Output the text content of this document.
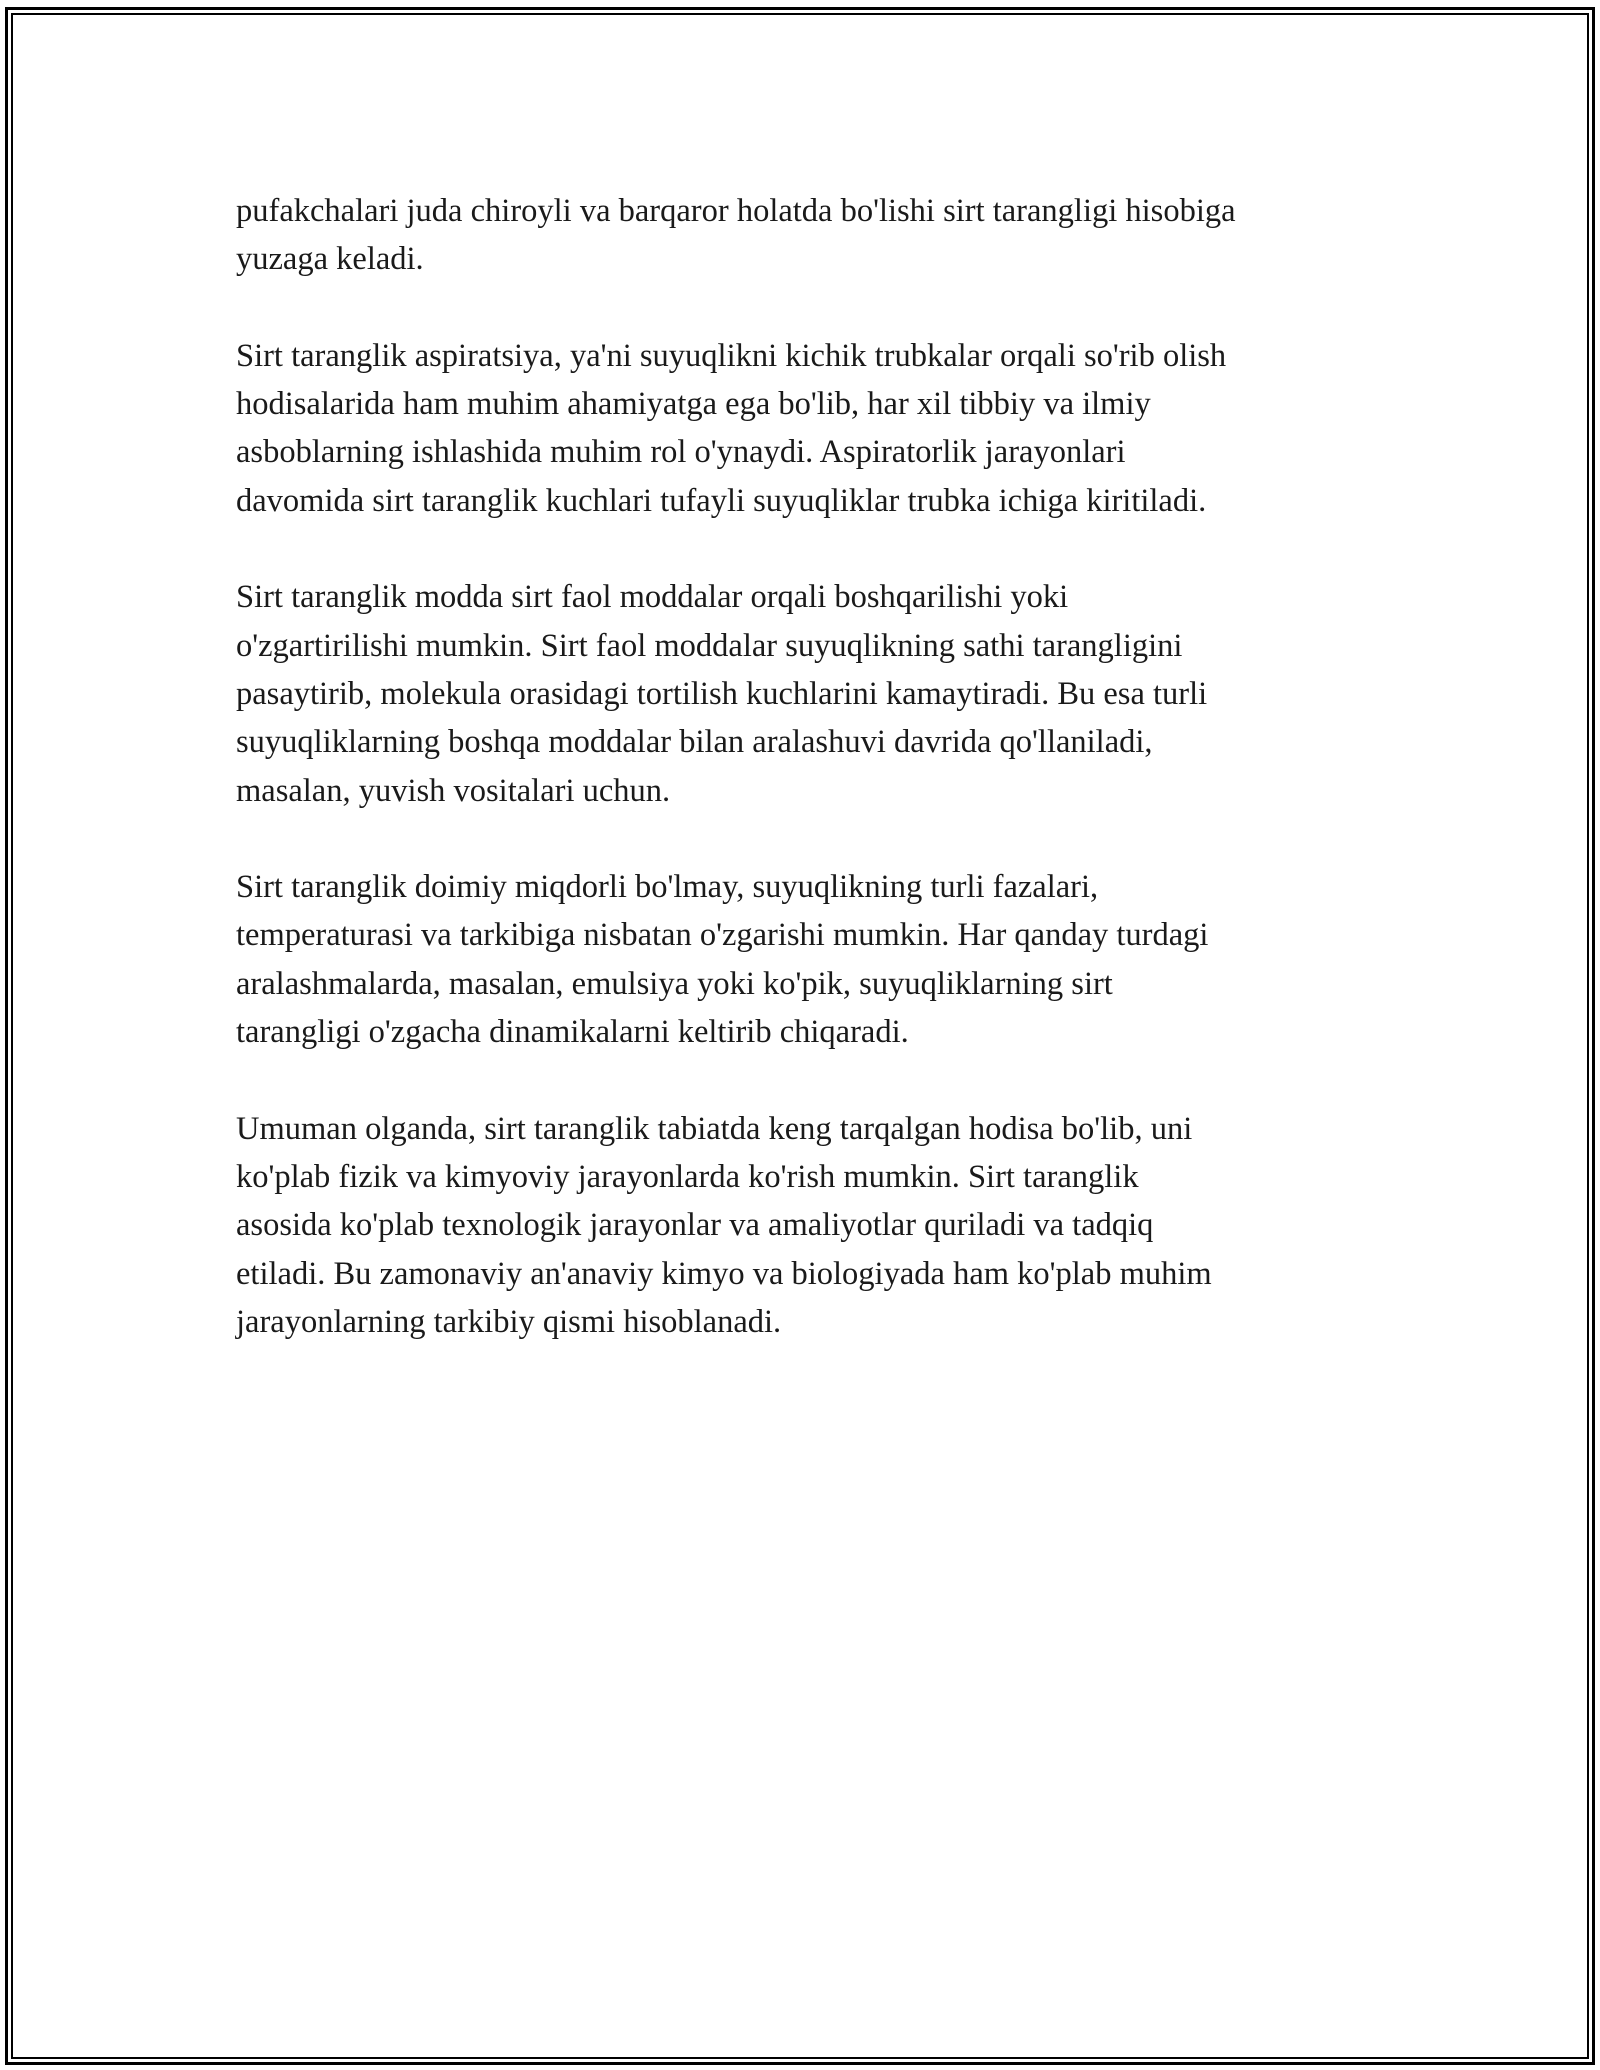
pufakchalari juda chiroyli va barqaror holatda bo'lishi sirt tarangligi hisobiga
yuzaga keladi.

Sirt taranglik aspiratsiya, ya'ni suyuqlikni kichik trubkalar orqali so'rib olish
hodisalarida ham muhim ahamiyatga ega bo'lib, har xil tibbiy va ilmiy
asboblarning ishlashida muhim rol o'ynaydi. Aspiratorlik jarayonlari
davomida sirt taranglik kuchlari tufayli suyuqliklar trubka ichiga kiritiladi.

Sirt taranglik modda sirt faol moddalar orqali boshqarilishi yoki
o'zgartirilishi mumkin. Sirt faol moddalar suyuqlikning sathi tarangligini
pasaytirib, molekula orasidagi tortilish kuchlarini kamaytiradi. Bu esa turli
suyuqliklarning boshqa moddalar bilan aralashuvi davrida qo'llaniladi,
masalan, yuvish vositalari uchun.

Sirt taranglik doimiy miqdorli bo'lmay, suyuqlikning turli fazalari,
temperaturasi va tarkibiga nisbatan o'zgarishi mumkin. Har qanday turdagi
aralashmalarda, masalan, emulsiya yoki ko'pik, suyuqliklarning sirt
tarangligi o'zgacha dinamikalarni keltirib chiqaradi.

Umuman olganda, sirt taranglik tabiatda keng tarqalgan hodisa bo'lib, uni
ko'plab fizik va kimyoviy jarayonlarda ko'rish mumkin. Sirt taranglik
asosida ko'plab texnologik jarayonlar va amaliyotlar quriladi va tadqiq
etiladi. Bu zamonaviy an'anaviy kimyo va biologiyada ham ko'plab muhim
jarayonlarning tarkibiy qismi hisoblanadi.
